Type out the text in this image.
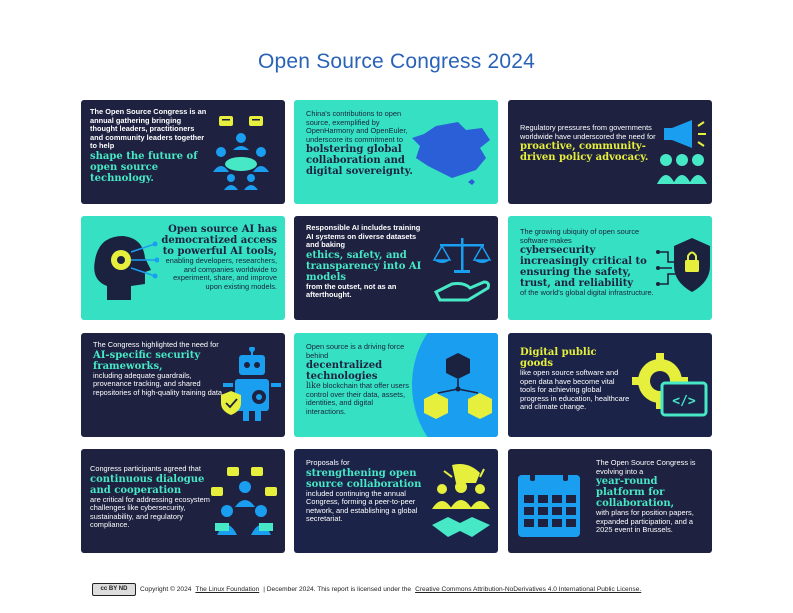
Open Source Congress 2024
The Open Source Congress is an annual gathering bringing thought leaders, practitioners and community leaders together to help
shape the future of open source technology.
China's contributions to open source, exemplified by OpenHarmony and OpenEuler, underscore its commitment to
bolstering global collaboration and digital sovereignty.
Regulatory pressures from governments worldwide have underscored the need for
proactive, community-driven policy advocacy.
Open source AI has democratized access to powerful AI tools,
enabling developers, researchers, and companies worldwide to experiment, share, and improve upon existing models.
Responsible AI includes training AI systems on diverse datasets and baking
ethics, safety, and transparency into AI models
from the outset, not as an afterthought.
The growing ubiquity of open source software makes
cybersecurity increasingly critical to ensuring the safety, trust, and reliability
of the world's global digital infrastructure.
The Congress highlighted the need for
AI-specific security frameworks,
including adequate guardrails, provenance tracking, and shared repositories of high-quality training data.
Open source is a driving force behind
decentralized technologies
like blockchain that offer users control over their data, assets, identities, and digital interactions.
Digital public goods
like open source software and open data have become vital tools for achieving global progress in education, healthcare and climate change.	</>
Congress participants agreed that
continuous dialogue and cooperation
are critical for addressing ecosystem challenges like cybersecurity, sustainability, and regulatory compliance.
Proposals for
strengthening open source collaboration
included continuing the annual Congress, forming a peer-to-peer network, and establishing a global secretariat.
The Open Source Congress is evolving into a
year-round platform for collaboration,
with plans for position papers, expanded participation, and a 2025 event in Brussels.
cc BY ND	Copyright © 2024 The Linux Foundation | December 2024. This report is licensed under the Creative Commons Attribution-NoDerivatives 4.0 International Public License.
